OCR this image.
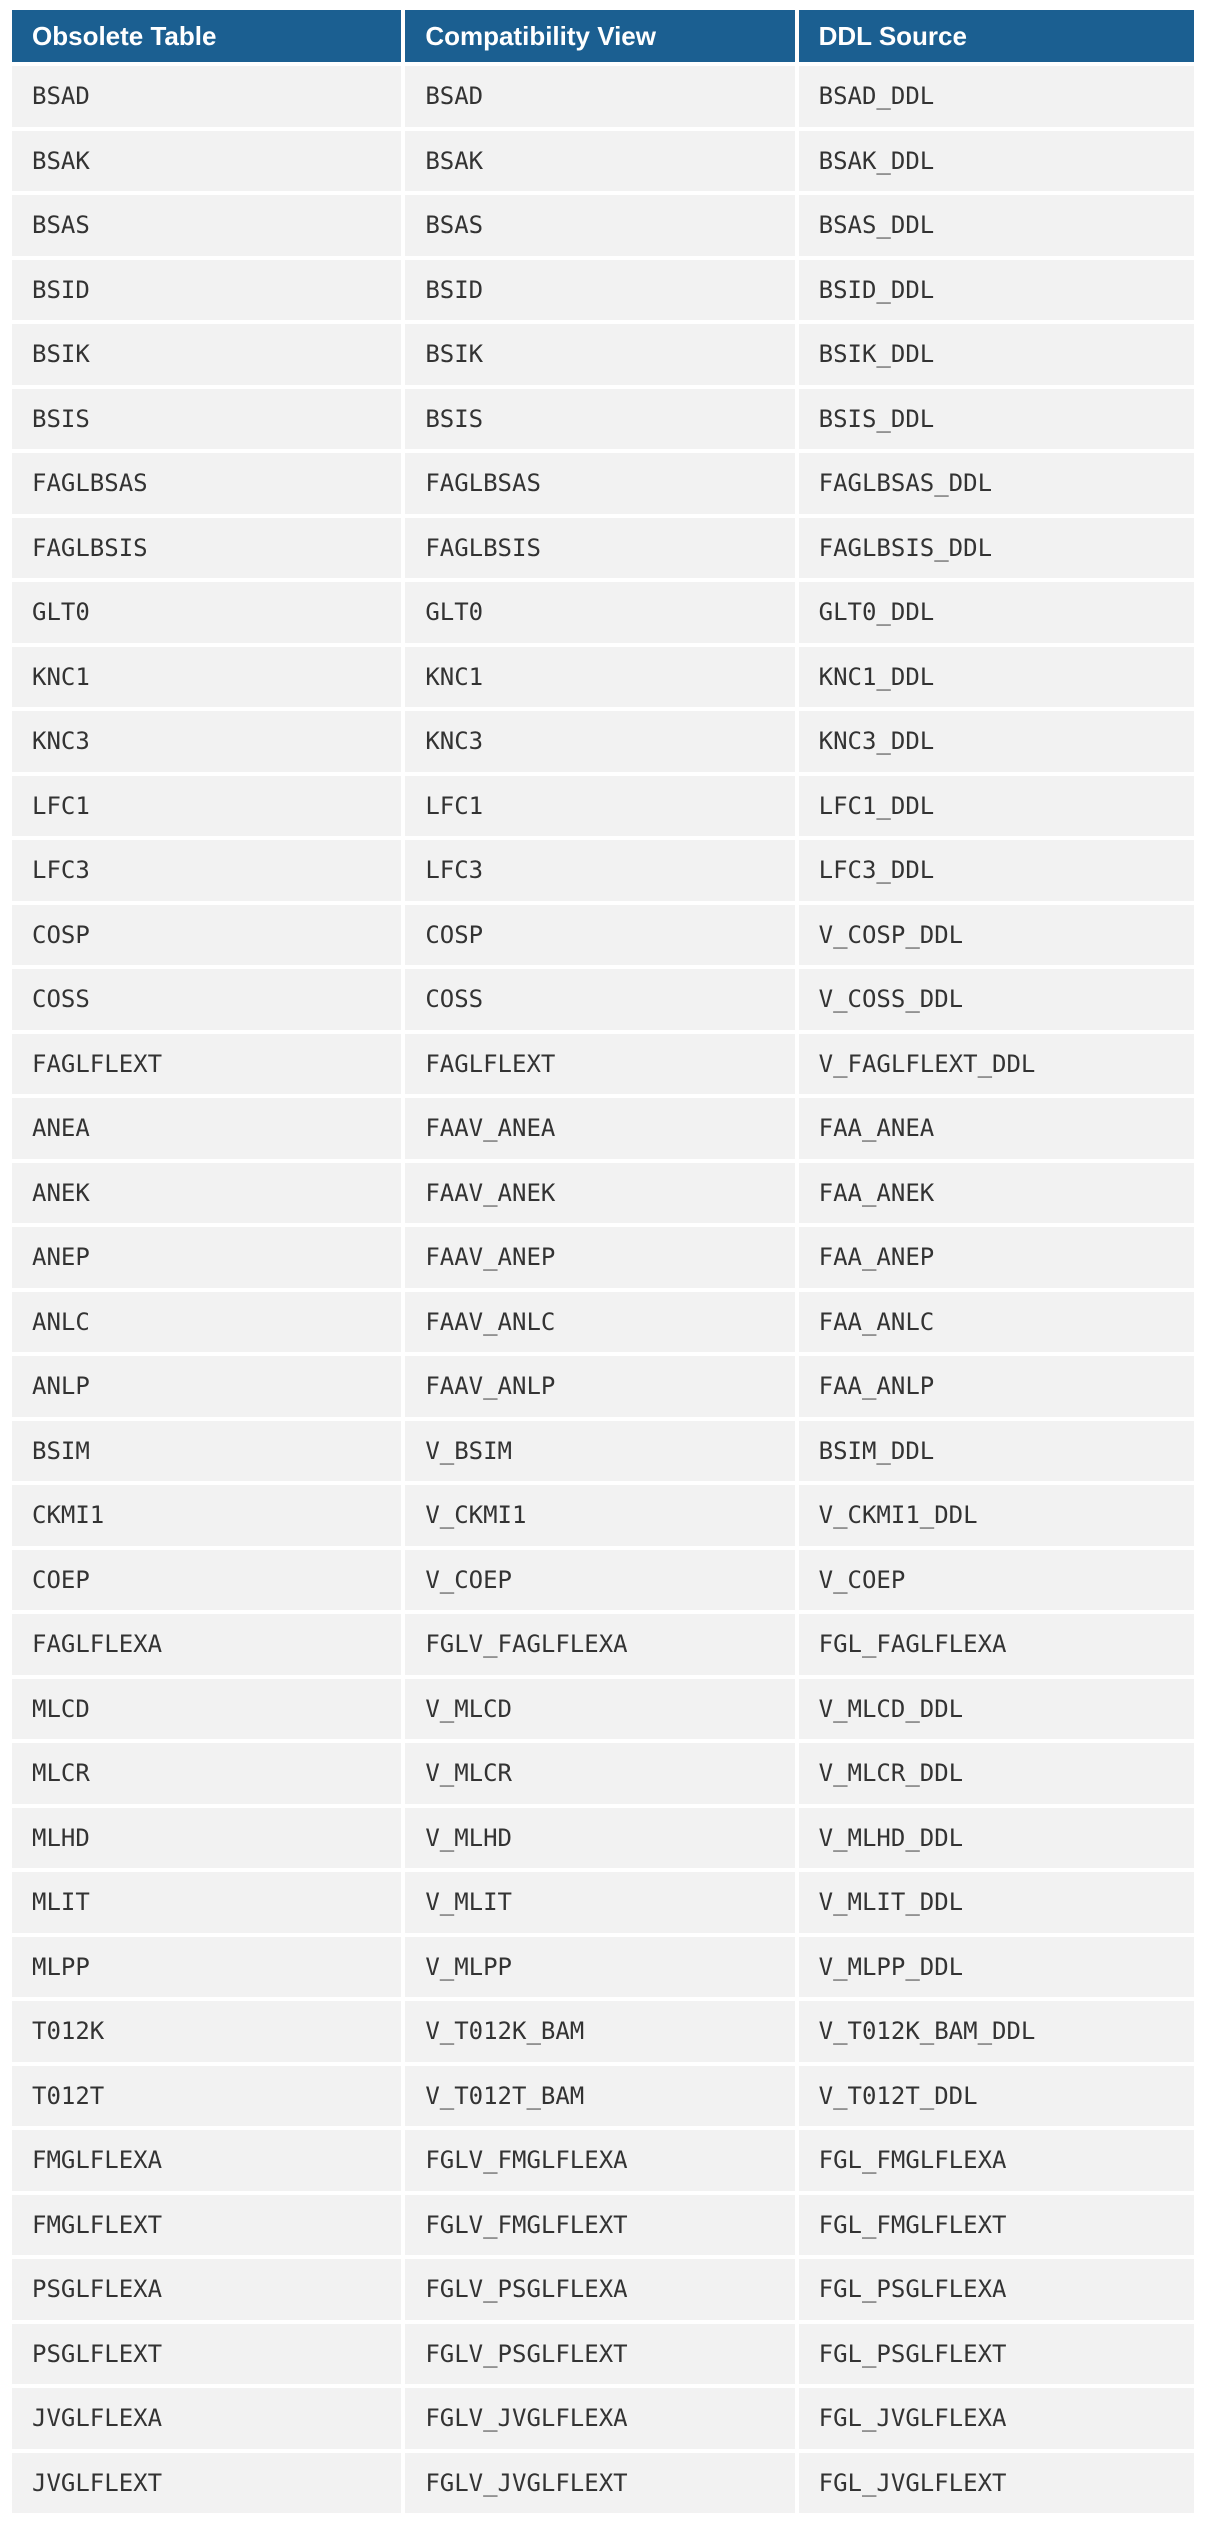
Obsolete Table	Compatibility View	DDL Source
BSAD	BSAD	BSAD_DDL
BSAK	BSAK	BSAK_DDL
BSAS	BSAS	BSAS_DDL
BSID	BSID	BSID_DDL
BSIK	BSIK	BSIK_DDL
BSIS	BSIS	BSIS_DDL
FAGLBSAS	FAGLBSAS	FAGLBSAS_DDL
FAGLBSIS	FAGLBSIS	FAGLBSIS_DDL
GLT0	GLT0	GLT0_DDL
KNC1	KNC1	KNC1_DDL
KNC3	KNC3	KNC3_DDL
LFC1	LFC1	LFC1_DDL
LFC3	LFC3	LFC3_DDL
COSP	COSP	V_COSP_DDL
COSS	COSS	V_COSS_DDL
FAGLFLEXT	FAGLFLEXT	V_FAGLFLEXT_DDL
ANEA	FAAV_ANEA	FAA_ANEA
ANEK	FAAV_ANEK	FAA_ANEK
ANEP	FAAV_ANEP	FAA_ANEP
ANLC	FAAV_ANLC	FAA_ANLC
ANLP	FAAV_ANLP	FAA_ANLP
BSIM	V_BSIM	BSIM_DDL
CKMI1	V_CKMI1	V_CKMI1_DDL
COEP	V_COEP	V_COEP
FAGLFLEXA	FGLV_FAGLFLEXA	FGL_FAGLFLEXA
MLCD	V_MLCD	V_MLCD_DDL
MLCR	V_MLCR	V_MLCR_DDL
MLHD	V_MLHD	V_MLHD_DDL
MLIT	V_MLIT	V_MLIT_DDL
MLPP	V_MLPP	V_MLPP_DDL
T012K	V_T012K_BAM	V_T012K_BAM_DDL
T012T	V_T012T_BAM	V_T012T_DDL
FMGLFLEXA	FGLV_FMGLFLEXA	FGL_FMGLFLEXA
FMGLFLEXT	FGLV_FMGLFLEXT	FGL_FMGLFLEXT
PSGLFLEXA	FGLV_PSGLFLEXA	FGL_PSGLFLEXA
PSGLFLEXT	FGLV_PSGLFLEXT	FGL_PSGLFLEXT
JVGLFLEXA	FGLV_JVGLFLEXA	FGL_JVGLFLEXA
JVGLFLEXT	FGLV_JVGLFLEXT	FGL_JVGLFLEXT
